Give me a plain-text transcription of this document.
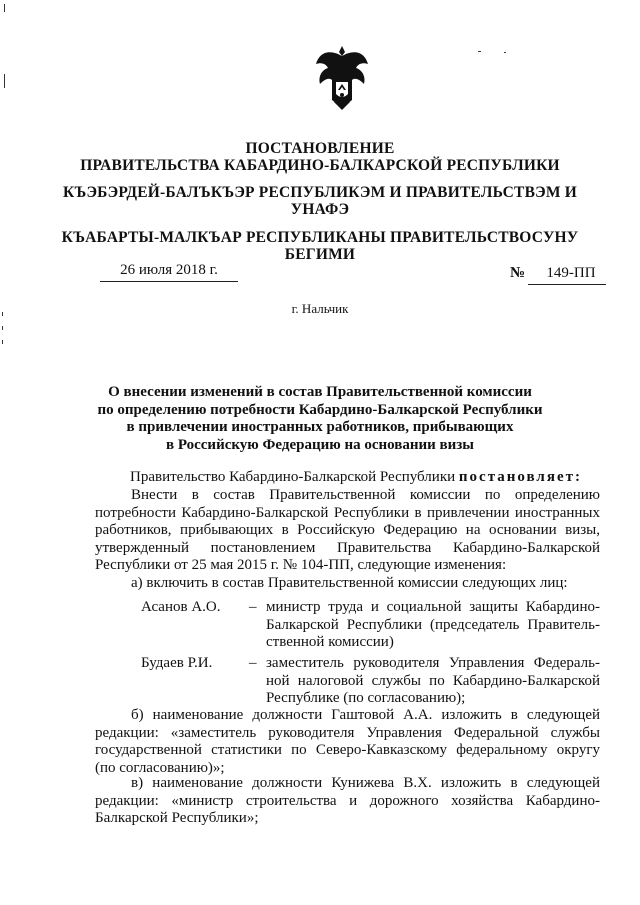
ПОСТАНОВЛЕНИЕ
ПРАВИТЕЛЬСТВА КАБАРДИНО-БАЛКАРСКОЙ РЕСПУБЛИКИ
КЪЭБЭРДЕЙ-БАЛЪКЪЭР РЕСПУБЛИКЭМ И ПРАВИТЕЛЬСТВЭМ И
УНАФЭ
КЪАБАРТЫ-МАЛКЪАР РЕСПУБЛИКАНЫ ПРАВИТЕЛЬСТВОСУНУ
БЕГИМИ
26 июля 2018 г.	№	149-ПП
г. Нальчик
О внесении изменений в состав Правительственной комиссии
по определению потребности Кабардино-Балкарской Республики
в привлечении иностранных работников, прибывающих
в Российскую Федерацию на основании визы
Правительство Кабардино-Балкарской Республики постановляет:
Внести в состав Правительственной комиссии по определению
потребности Кабардино-Балкарской Республики в привлечении иностранных
работников, прибывающих в Российскую Федерацию на основании визы,
утвержденный постановлением Правительства Кабардино-Балкарской
Республики от 25 мая 2015 г. № 104-ПП, следующие изменения:
а) включить в состав Правительственной комиссии следующих лиц:
Асанов А.О. – министр труда и социальной защиты Кабардино-
Балкарской Республики (председатель Правитель-
ственной комиссии)
Будаев Р.И. – заместитель руководителя Управления Федераль-
ной налоговой службы по Кабардино-Балкарской
Республике (по согласованию);
б) наименование должности Гаштовой А.А. изложить в следующей
редакции: «заместитель руководителя Управления Федеральной службы
государственной статистики по Северо-Кавказскому федеральному округу
(по согласованию)»;
в) наименование должности Кунижева В.Х. изложить в следующей
редакции: «министр строительства и дорожного хозяйства Кабардино-
Балкарской Республики»;
